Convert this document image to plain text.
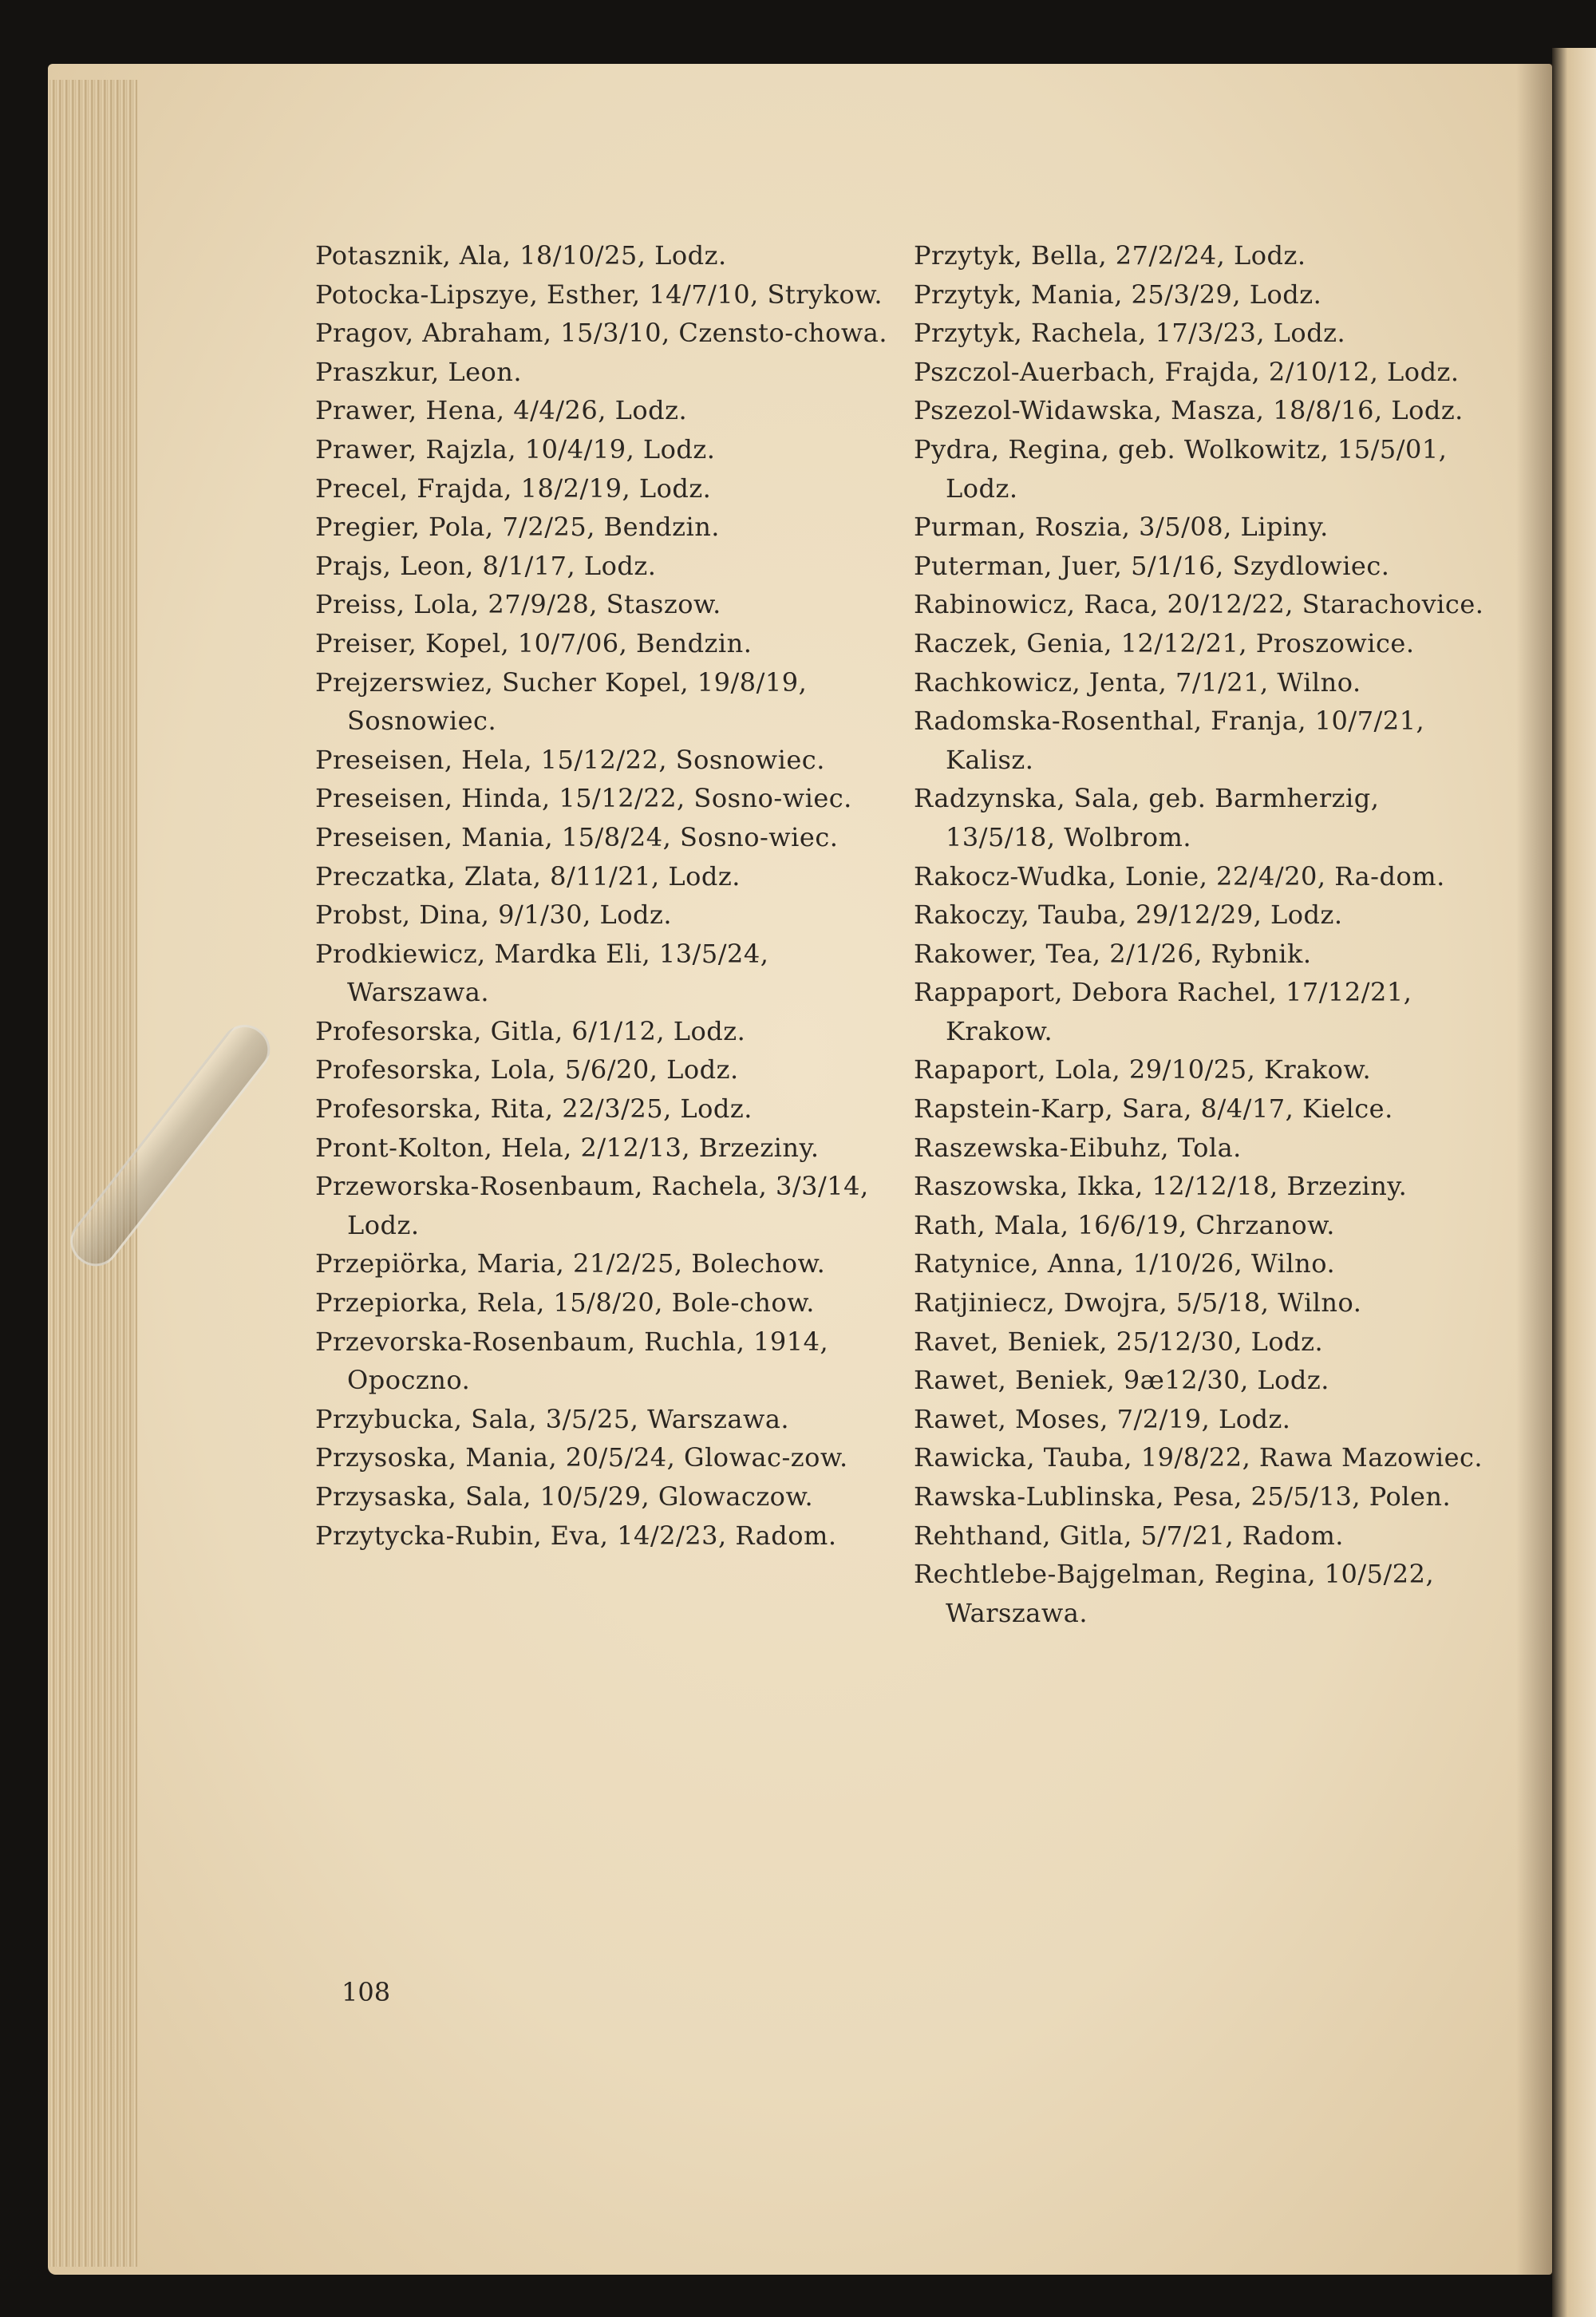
Potasznik, Ala, 18/10/25, Lodz.
Potocka-Lipszye, Esther, 14/7/10, Strykow.
Pragov, Abraham, 15/3/10, Czensto-chowa.
Praszkur, Leon.
Prawer, Hena, 4/4/26, Lodz.
Prawer, Rajzla, 10/4/19, Lodz.
Precel, Frajda, 18/2/19, Lodz.
Pregier, Pola, 7/2/25, Bendzin.
Prajs, Leon, 8/1/17, Lodz.
Preiss, Lola, 27/9/28, Staszow.
Preiser, Kopel, 10/7/06, Bendzin.
Prejzerswiez, Sucher Kopel, 19/8/19, Sosnowiec.
Preseisen, Hela, 15/12/22, Sosnowiec.
Preseisen, Hinda, 15/12/22, Sosno-wiec.
Preseisen, Mania, 15/8/24, Sosno-wiec.
Preczatka, Zlata, 8/11/21, Lodz.
Probst, Dina, 9/1/30, Lodz.
Prodkiewicz, Mardka Eli, 13/5/24, Warszawa.
Profesorska, Gitla, 6/1/12, Lodz.
Profesorska, Lola, 5/6/20, Lodz.
Profesorska, Rita, 22/3/25, Lodz.
Pront-Kolton, Hela, 2/12/13, Brzeziny.
Przeworska-Rosenbaum, Rachela, 3/3/14, Lodz.
Przepiörka, Maria, 21/2/25, Bolechow.
Przepiorka, Rela, 15/8/20, Bole-chow.
Przevorska-Rosenbaum, Ruchla, 1914, Opoczno.
Przybucka, Sala, 3/5/25, Warszawa.
Przysoska, Mania, 20/5/24, Glowac-zow.
Przysaska, Sala, 10/5/29, Glowaczow.
Przytycka-Rubin, Eva, 14/2/23, Radom.
Przytyk, Bella, 27/2/24, Lodz.
Przytyk, Mania, 25/3/29, Lodz.
Przytyk, Rachela, 17/3/23, Lodz.
Pszczol-Auerbach, Frajda, 2/10/12, Lodz.
Pszezol-Widawska, Masza, 18/8/16, Lodz.
Pydra, Regina, geb. Wolkowitz, 15/5/01, Lodz.
Purman, Roszia, 3/5/08, Lipiny.
Puterman, Juer, 5/1/16, Szydlowiec.
Rabinowicz, Raca, 20/12/22, Starachovice.
Raczek, Genia, 12/12/21, Proszowice.
Rachkowicz, Jenta, 7/1/21, Wilno.
Radomska-Rosenthal, Franja, 10/7/21, Kalisz.
Radzynska, Sala, geb. Barmherzig, 13/5/18, Wolbrom.
Rakocz-Wudka, Lonie, 22/4/20, Ra-dom.
Rakoczy, Tauba, 29/12/29, Lodz.
Rakower, Tea, 2/1/26, Rybnik.
Rappaport, Debora Rachel, 17/12/21, Krakow.
Rapaport, Lola, 29/10/25, Krakow.
Rapstein-Karp, Sara, 8/4/17, Kielce.
Raszewska-Eibuhz, Tola.
Raszowska, Ikka, 12/12/18, Brzeziny.
Rath, Mala, 16/6/19, Chrzanow.
Ratynice, Anna, 1/10/26, Wilno.
Ratjiniecz, Dwojra, 5/5/18, Wilno.
Ravet, Beniek, 25/12/30, Lodz.
Rawet, Beniek, 9æ12/30, Lodz.
Rawet, Moses, 7/2/19, Lodz.
Rawicka, Tauba, 19/8/22, Rawa Mazowiec.
Rawska-Lublinska, Pesa, 25/5/13, Polen.
Rehthand, Gitla, 5/7/21, Radom.
Rechtlebe-Bajgelman, Regina, 10/5/22, Warszawa.
108
